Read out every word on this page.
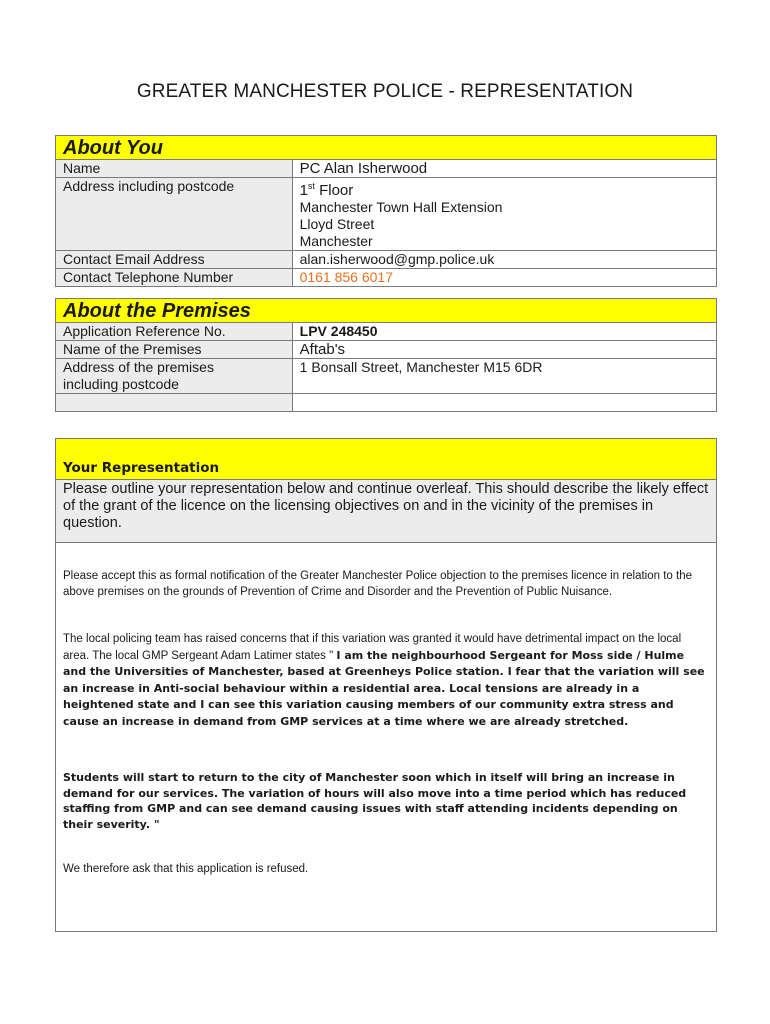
GREATER MANCHESTER POLICE - REPRESENTATION
About You	
Name	PC Alan Isherwood
Address including postcode	1st Floor
Manchester Town Hall Extension
Lloyd Street
Manchester

Contact Email Address	alan.isherwood@gmp.police.uk
Contact Telephone Number	0161 856 6017
About the Premises	
Application Reference No.	LPV 248450
Name of the Premises	Aftab's

Address of the premises
including postcode	1 Bonsall Street, Manchester M15 6DR

Your Representation
Please outline your representation below and continue overleaf. This should describe the likely effect of the grant of the licence on the licensing objectives on and in the vicinity of the premises in question.

Please accept this as formal notification of the Greater Manchester Police objection to the premises licence in relation to the above premises on the grounds of Prevention of Crime and Disorder and the Prevention of Public Nuisance.

The local policing team has raised concerns that if this variation was granted it would have detrimental impact on the local area. The local GMP Sergeant Adam Latimer states " I am the neighbourhood Sergeant for Moss side / Hulme and the Universities of Manchester, based at Greenheys Police station. I fear that the variation will see an increase in Anti-social behaviour within a residential area. Local tensions are already in a heightened state and I can see this variation causing members of our community extra stress and cause an increase in demand from GMP services at a time where we are already stretched.

Students will start to return to the city of Manchester soon which in itself will bring an increase in demand for our services. The variation of hours will also move into a time period which has reduced staffing from GMP and can see demand causing issues with staff attending incidents depending on their severity. "

We therefore ask that this application is refused.
